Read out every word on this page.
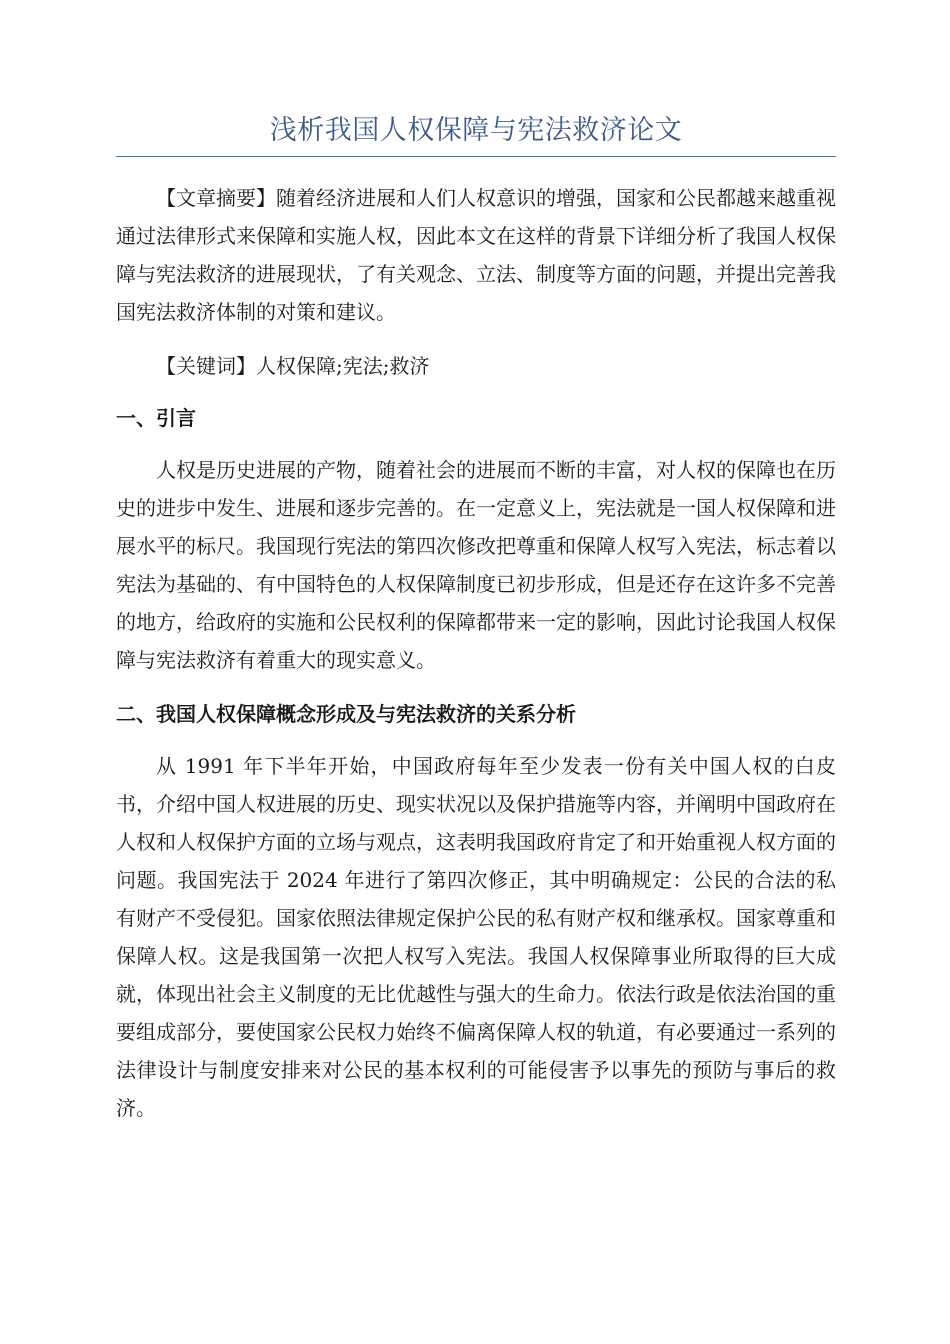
浅析我国人权保障与宪法救济论文

【文章摘要】随着经济进展和人们人权意识的增强，国家和公民都越来越重视通过法律形式来保障和实施人权，因此本文在这样的背景下详细分析了我国人权保障与宪法救济的进展现状，了有关观念、立法、制度等方面的问题，并提出完善我国宪法救济体制的对策和建议。

【关键词】人权保障;宪法;救济

一、引言

人权是历史进展的产物，随着社会的进展而不断的丰富，对人权的保障也在历史的进步中发生、进展和逐步完善的。在一定意义上，宪法就是一国人权保障和进展水平的标尺。我国现行宪法的第四次修改把尊重和保障人权写入宪法，标志着以宪法为基础的、有中国特色的人权保障制度已初步形成，但是还存在这许多不完善的地方，给政府的实施和公民权利的保障都带来一定的影响，因此讨论我国人权保障与宪法救济有着重大的现实意义。

二、我国人权保障概念形成及与宪法救济的关系分析

从 1991 年下半年开始，中国政府每年至少发表一份有关中国人权的白皮书，介绍中国人权进展的历史、现实状况以及保护措施等内容，并阐明中国政府在人权和人权保护方面的立场与观点，这表明我国政府肯定了和开始重视人权方面的问题。我国宪法于 2024 年进行了第四次修正，其中明确规定：公民的合法的私有财产不受侵犯。国家依照法律规定保护公民的私有财产权和继承权。国家尊重和保障人权。这是我国第一次把人权写入宪法。我国人权保障事业所取得的巨大成就，体现出社会主义制度的无比优越性与强大的生命力。依法行政是依法治国的重要组成部分，要使国家公民权力始终不偏离保障人权的轨道，有必要通过一系列的法律设计与制度安排来对公民的基本权利的可能侵害予以事先的预防与事后的救济。
